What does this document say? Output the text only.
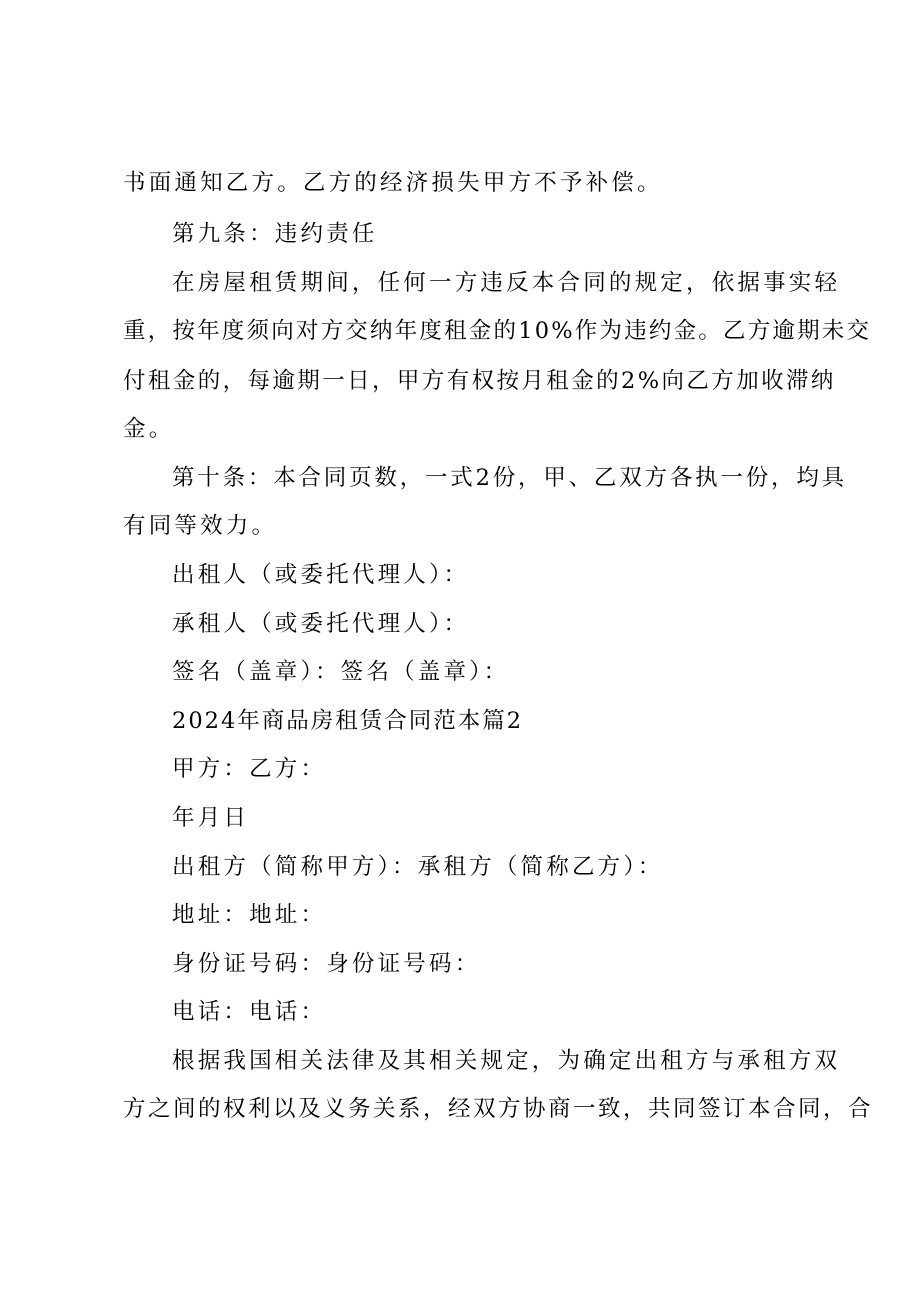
书面通知乙方。乙方的经济损失甲方不予补偿。
第九条：违约责任
在房屋租赁期间，任何一方违反本合同的规定，依据事实轻
重，按年度须向对方交纳年度租金的10%作为违约金。乙方逾期未交
付租金的，每逾期一日，甲方有权按月租金的2%向乙方加收滞纳
金。
第十条：本合同页数，一式2份，甲、乙双方各执一份，均具
有同等效力。
出租人（或委托代理人）：
承租人（或委托代理人）：
签名（盖章）：签名（盖章）：
2024年商品房租赁合同范本篇2
甲方：乙方：
年月日
出租方（简称甲方）：承租方（简称乙方）：
地址：地址：
身份证号码：身份证号码：
电话：电话：
根据我国相关法律及其相关规定，为确定出租方与承租方双
方之间的权利以及义务关系，经双方协商一致，共同签订本合同，合
